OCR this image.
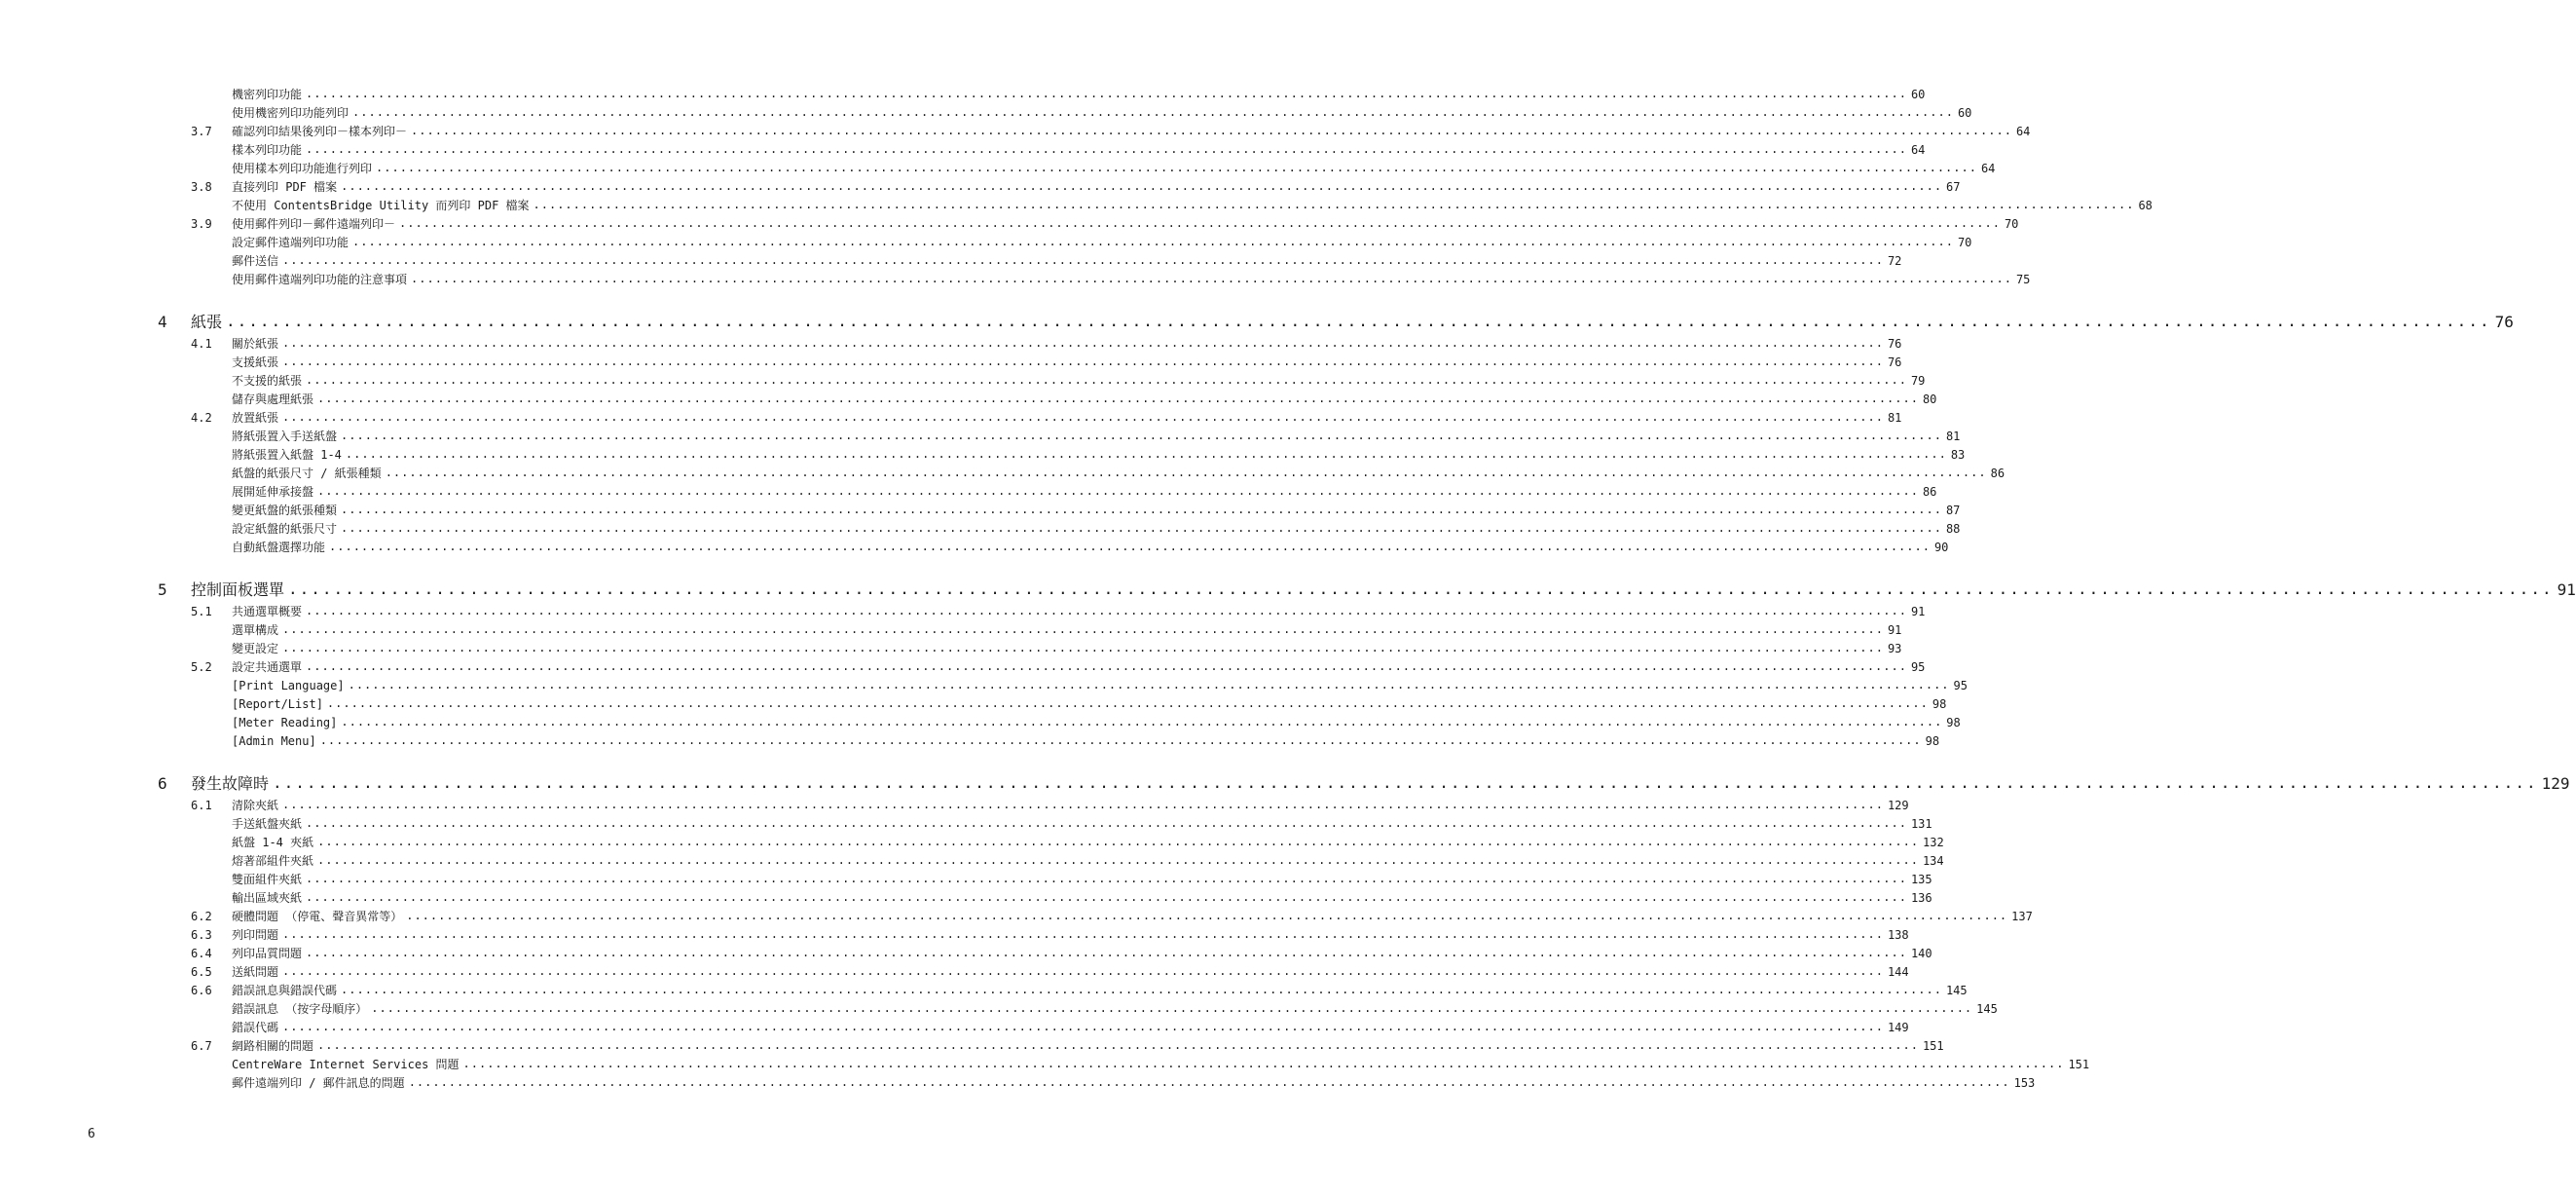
機密列印功能 ........................................................................................................................................................................................................ 60
使用機密列印功能列印 ........................................................................................................................................................................................................ 60
3.7 確認列印結果後列印－樣本列印－ ........................................................................................................................................................................................................ 64
樣本列印功能 ........................................................................................................................................................................................................ 64
使用樣本列印功能進行列印 ........................................................................................................................................................................................................ 64
3.8 直接列印 PDF 檔案 ........................................................................................................................................................................................................ 67
不使用 ContentsBridge Utility 而列印 PDF 檔案 ........................................................................................................................................................................................................ 68
3.9 使用郵件列印－郵件遠端列印－ ........................................................................................................................................................................................................ 70
設定郵件遠端列印功能 ........................................................................................................................................................................................................ 70
郵件送信 ........................................................................................................................................................................................................ 72
使用郵件遠端列印功能的注意事項 ........................................................................................................................................................................................................ 75
4 紙張 ........................................................................................................................................................................................................ 76
4.1 關於紙張 ........................................................................................................................................................................................................ 76
支援紙張 ........................................................................................................................................................................................................ 76
不支援的紙張 ........................................................................................................................................................................................................ 79
儲存與處理紙張 ........................................................................................................................................................................................................ 80
4.2 放置紙張 ........................................................................................................................................................................................................ 81
將紙張置入手送紙盤 ........................................................................................................................................................................................................ 81
將紙張置入紙盤 1-4 ........................................................................................................................................................................................................ 83
紙盤的紙張尺寸 / 紙張種類 ........................................................................................................................................................................................................ 86
展開延伸承接盤 ........................................................................................................................................................................................................ 86
變更紙盤的紙張種類 ........................................................................................................................................................................................................ 87
設定紙盤的紙張尺寸 ........................................................................................................................................................................................................ 88
自動紙盤選擇功能 ........................................................................................................................................................................................................ 90
5 控制面板選單 ........................................................................................................................................................................................................ 91
5.1 共通選單概要 ........................................................................................................................................................................................................ 91
選單構成 ........................................................................................................................................................................................................ 91
變更設定 ........................................................................................................................................................................................................ 93
5.2 設定共通選單 ........................................................................................................................................................................................................ 95
[Print Language] ........................................................................................................................................................................................................ 95
[Report/List] ........................................................................................................................................................................................................ 98
[Meter Reading] ........................................................................................................................................................................................................ 98
[Admin Menu] ........................................................................................................................................................................................................ 98
6 發生故障時 ........................................................................................................................................................................................................ 129
6.1 清除夾紙 ........................................................................................................................................................................................................ 129
手送紙盤夾紙 ........................................................................................................................................................................................................ 131
紙盤 1-4 夾紙 ........................................................................................................................................................................................................ 132
熔著部組件夾紙 ........................................................................................................................................................................................................ 134
雙面組件夾紙 ........................................................................................................................................................................................................ 135
輸出區域夾紙 ........................................................................................................................................................................................................ 136
6.2 硬體問題 （停電、聲音異常等） ........................................................................................................................................................................................................ 137
6.3 列印問題 ........................................................................................................................................................................................................ 138
6.4 列印品質問題 ........................................................................................................................................................................................................ 140
6.5 送紙問題 ........................................................................................................................................................................................................ 144
6.6 錯誤訊息與錯誤代碼 ........................................................................................................................................................................................................ 145
錯誤訊息 （按字母順序） ........................................................................................................................................................................................................ 145
錯誤代碼 ........................................................................................................................................................................................................ 149
6.7 網路相關的問題 ........................................................................................................................................................................................................ 151
CentreWare Internet Services 問題 ........................................................................................................................................................................................................ 151
郵件遠端列印 / 郵件訊息的問題 ........................................................................................................................................................................................................ 153
6
